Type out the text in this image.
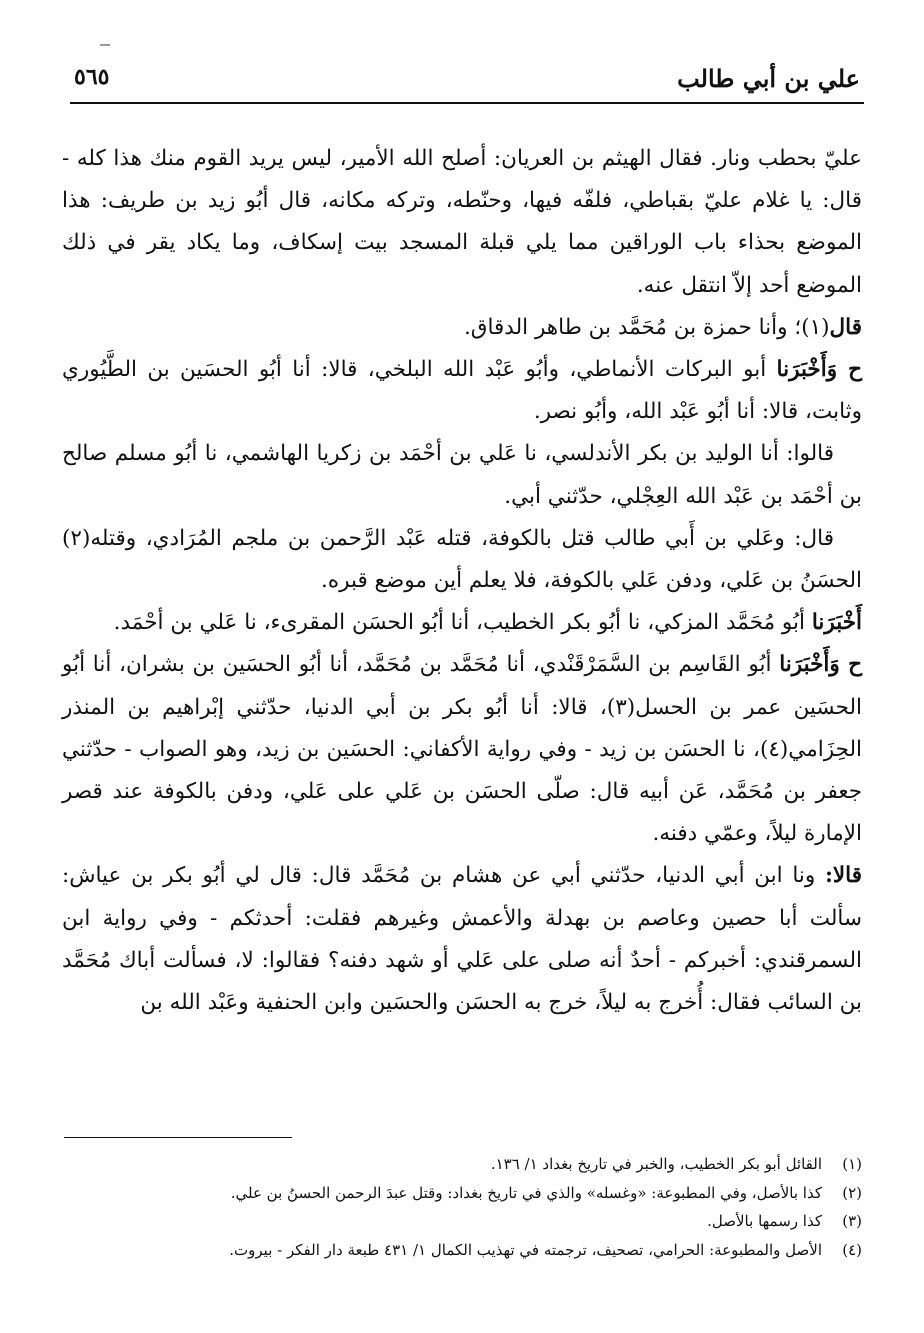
علي بن أبي طالب
٥٦٥

عليّ بحطب ونار. فقال الهيثم بن العريان: أصلح الله الأمير، ليس يريد القوم منك هذا كله - قال: يا غلام عليّ بقباطي، فلفّه فيها، وحنّطه، وتركه مكانه، قال أبُو زيد بن طريف: هذا الموضع بحذاء باب الوراقين مما يلي قبلة المسجد بيت إسكاف، وما يكاد يقر في ذلك الموضع أحد إلاّ انتقل عنه.

قال(١)؛ وأنا حمزة بن مُحَمَّد بن طاهر الدقاق.

ح وَأَخْبَرَنا أبو البركات الأنماطي، وأبُو عَبْد الله البلخي، قالا: أنا أبُو الحسَين بن الطَّيُوري وثابت، قالا: أنا أبُو عَبْد الله، وأبُو نصر.

قالوا: أنا الوليد بن بكر الأندلسي، نا عَلي بن أحْمَد بن زكريا الهاشمي، نا أبُو مسلم صالح بن أحْمَد بن عَبْد الله العِجْلي، حدّثني أبي.

قال: وعَلي بن أَبي طالب قتل بالكوفة، قتله عَبْد الرَّحمن بن ملجم المُرَادي، وقتله(٢) الحسَنُ بن عَلي، ودفن عَلي بالكوفة، فلا يعلم أين موضع قبره.

أَخْبَرَنا أبُو مُحَمَّد المزكي، نا أبُو بكر الخطيب، أنا أبُو الحسَن المقرىء، نا عَلي بن أحْمَد.

ح وَأَخْبَرَنا أبُو القَاسِم بن السَّمَرْقَنْدي، أنا مُحَمَّد بن مُحَمَّد، أنا أبُو الحسَين بن بشران، أنا أبُو الحسَين عمر بن الحسل(٣)، قالا: أنا أبُو بكر بن أبي الدنيا، حدّثني إبْراهيم بن المنذر الحِزَامي(٤)، نا الحسَن بن زيد - وفي رواية الأكفاني: الحسَين بن زيد، وهو الصواب - حدّثني جعفر بن مُحَمَّد، عَن أبيه قال: صلّى الحسَن بن عَلي على عَلي، ودفن بالكوفة عند قصر الإمارة ليلاً، وعمّي دفنه.

قالا: ونا ابن أبي الدنيا، حدّثني أبي عن هشام بن مُحَمَّد قال: قال لي أبُو بكر بن عياش: سألت أبا حصين وعاصم بن بهدلة والأعمش وغيرهم فقلت: أحدثكم - وفي رواية ابن السمرقندي: أخبركم - أحدٌ أنه صلى على عَلي أو شهد دفنه؟ فقالوا: لا، فسألت أباك مُحَمَّد بن السائب فقال: أُخرج به ليلاً، خرج به الحسَن والحسَين وابن الحنفية وعَبْد الله بن

(١)القائل أبو بكر الخطيب، والخبر في تاريخ بغداد ١/ ١٣٦.

(٢)كذا بالأصل، وفي المطبوعة: «وغسله» والذي في تاريخ بغداد: وقتل عبدَ الرحمن الحسنُ بن علي.

(٣)كذا رسمها بالأصل.

(٤)الأصل والمطبوعة: الحرامي، تصحيف، ترجمته في تهذيب الكمال ١/ ٤٣١ طبعة دار الفكر - بيروت.
